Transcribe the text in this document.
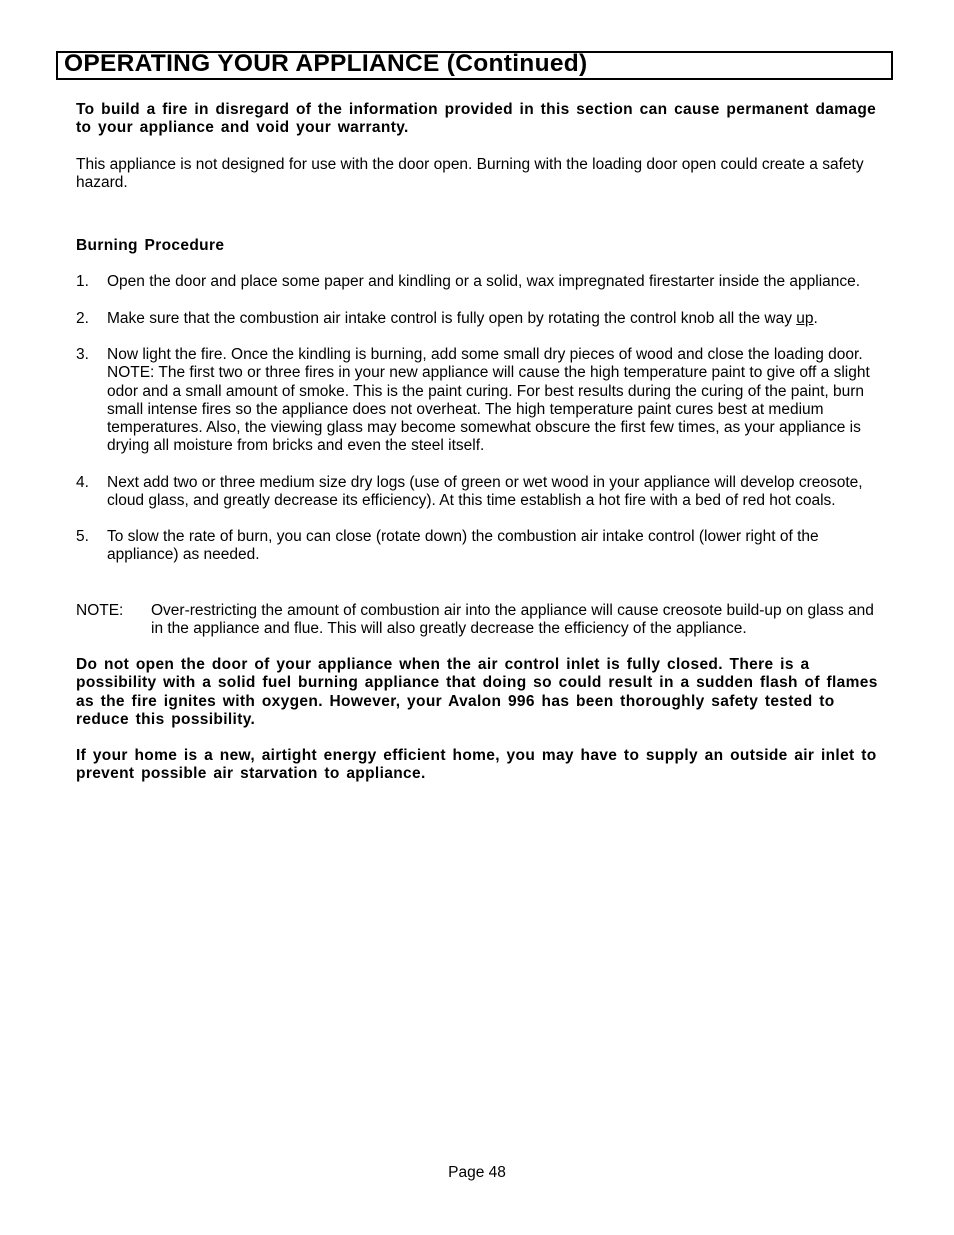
OPERATING YOUR APPLIANCE (Continued)

To build a fire in disregard of the information provided in this section can cause permanent damage to your appliance and void your warranty.

This appliance is not designed for use with the door open. Burning with the loading door open could create a safety hazard.

Burning Procedure

1.	Open the door and place some paper and kindling or a solid, wax impregnated firestarter inside the appliance.
2.	Make sure that the combustion air intake control is fully open by rotating the control knob all the way up.
3.	Now light the fire. Once the kindling is burning, add some small dry pieces of wood and close the loading door. NOTE: The first two or three fires in your new appliance will cause the high temperature paint to give off a slight odor and a small amount of smoke. This is the paint curing. For best results during the curing of the paint, burn small intense fires so the appliance does not overheat. The high temperature paint cures best at medium temperatures. Also, the viewing glass may become somewhat obscure the first few times, as your appliance is drying all moisture from bricks and even the steel itself.
4.	Next add two or three medium size dry logs (use of green or wet wood in your appliance will develop creosote, cloud glass, and greatly decrease its efficiency). At this time establish a hot fire with a bed of red hot coals.
5.	To slow the rate of burn, you can close (rotate down) the combustion air intake control (lower right of the appliance) as needed.
NOTE:	Over-restricting the amount of combustion air into the appliance will cause creosote build-up on glass and in the appliance and flue. This will also greatly decrease the efficiency of the appliance.

Do not open the door of your appliance when the air control inlet is fully closed. There is a possibility with a solid fuel burning appliance that doing so could result in a sudden flash of flames as the fire ignites with oxygen. However, your Avalon 996 has been thoroughly safety tested to reduce this possibility.

If your home is a new, airtight energy efficient home, you may have to supply an outside air inlet to prevent possible air starvation to appliance.

Page 48
